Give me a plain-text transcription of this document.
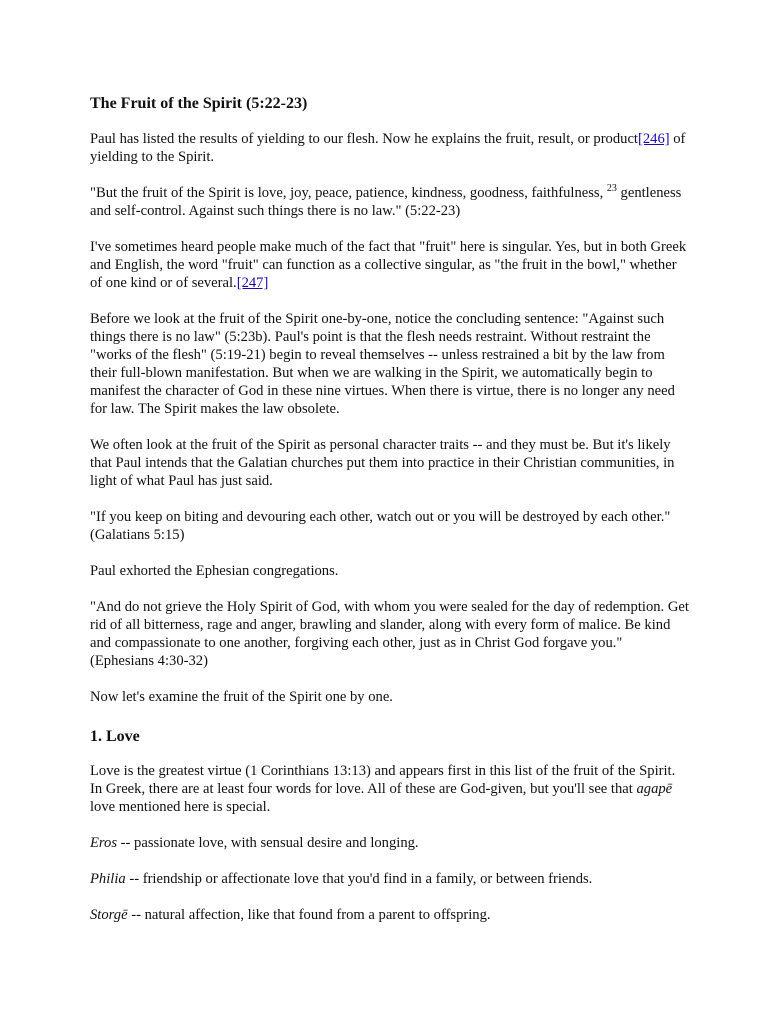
The Fruit of the Spirit (5:22-23)

Paul has listed the results of yielding to our flesh. Now he explains the fruit, result, or product[246] of yielding to the Spirit.

"But the fruit of the Spirit is love, joy, peace, patience, kindness, goodness, faithfulness, $^{23}$ gentleness and self-control. Against such things there is no law." (5:22-23)

I've sometimes heard people make much of the fact that "fruit" here is singular. Yes, but in both Greek and English, the word "fruit" can function as a collective singular, as "the fruit in the bowl," whether of one kind or of several.[247]

Before we look at the fruit of the Spirit one-by-one, notice the concluding sentence: "Against such things there is no law" (5:23b). Paul's point is that the flesh needs restraint. Without restraint the "works of the flesh" (5:19-21) begin to reveal themselves -- unless restrained a bit by the law from their full-blown manifestation. But when we are walking in the Spirit, we automatically begin to manifest the character of God in these nine virtues. When there is virtue, there is no longer any need for law. The Spirit makes the law obsolete.

We often look at the fruit of the Spirit as personal character traits -- and they must be. But it's likely that Paul intends that the Galatian churches put them into practice in their Christian communities, in light of what Paul has just said.

"If you keep on biting and devouring each other, watch out or you will be destroyed by each other." (Galatians 5:15)

Paul exhorted the Ephesian congregations.

"And do not grieve the Holy Spirit of God, with whom you were sealed for the day of redemption. Get rid of all bitterness, rage and anger, brawling and slander, along with every form of malice. Be kind and compassionate to one another, forgiving each other, just as in Christ God forgave you." (Ephesians 4:30-32)

Now let's examine the fruit of the Spirit one by one.

1. Love

Love is the greatest virtue (1 Corinthians 13:13) and appears first in this list of the fruit of the Spirit. In Greek, there are at least four words for love. All of these are God-given, but you'll see that agapē love mentioned here is special.

Eros -- passionate love, with sensual desire and longing.

Philia -- friendship or affectionate love that you'd find in a family, or between friends.

Storgē -- natural affection, like that found from a parent to offspring.
